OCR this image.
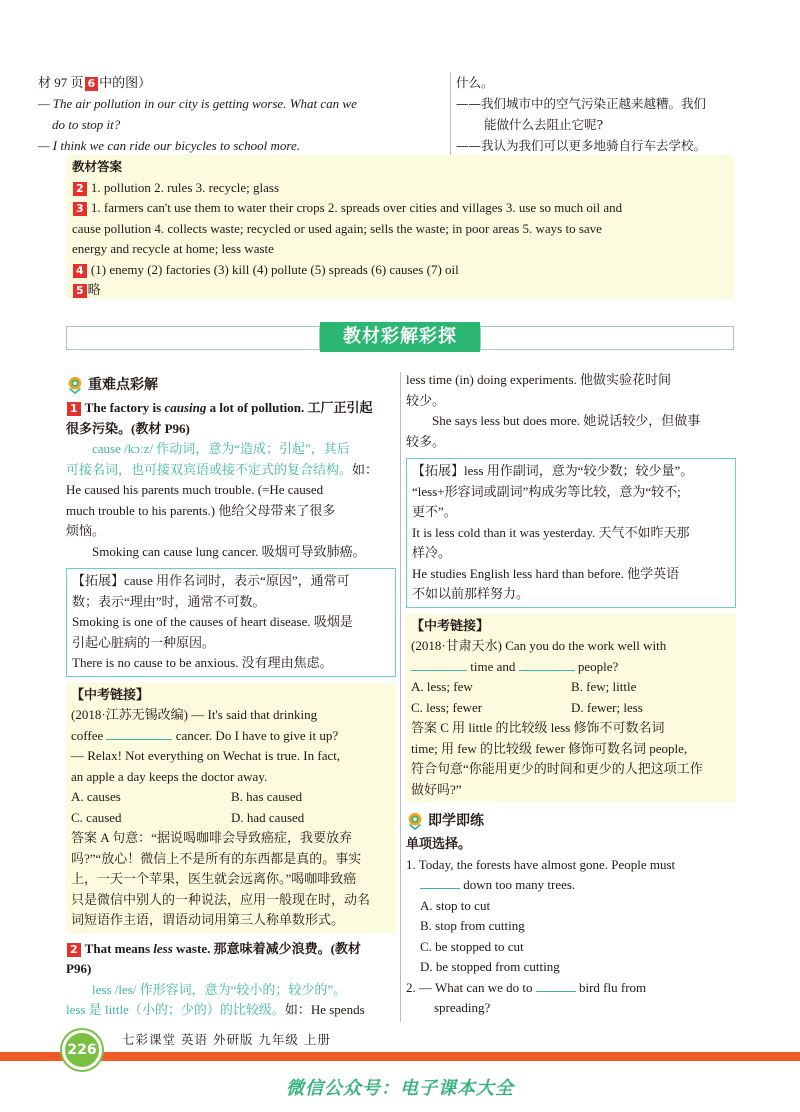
材 97 页 6 中的图）
— The air pollution in our city is getting worse. What can we
do to stop it?
— I think we can ride our bicycles to school more.
什么。
——我们城市中的空气污染正越来越糟。我们
能做什么去阻止它呢?
——我认为我们可以更多地骑自行车去学校。
教材答案
2 1. pollution 2. rules 3. recycle; glass
3 1. farmers can't use them to water their crops 2. spreads over cities and villages 3. use so much oil and
cause pollution 4. collects waste; recycled or used again; sells the waste; in poor areas 5. ways to save
energy and recycle at home; less waste
4 (1) enemy (2) factories (3) kill (4) pollute (5) spreads (6) causes (7) oil
5 略
教材彩解彩探
重难点彩解
1 The factory is causing a lot of pollution. 工厂正引起
很多污染。(教材 P96)
cause /kɔːz/ 作动词，意为“造成；引起”，其后
可接名词，也可接双宾语或接不定式的复合结构。如：
He caused his parents much trouble. (=He caused
much trouble to his parents.) 他给父母带来了很多
烦恼。
Smoking can cause lung cancer. 吸烟可导致肺癌。
【拓展】cause 用作名词时，表示“原因”，通常可
数；表示“理由”时，通常不可数。
Smoking is one of the causes of heart disease. 吸烟是
引起心脏病的一种原因。
There is no cause to be anxious. 没有理由焦虑。
【中考链接】
(2018·江苏无锡改编) — It's said that drinking
coffee	cancer. Do I have to give it up?
— Relax! Not everything on Wechat is true. In fact,
an apple a day keeps the doctor away.
A. causes	B. has caused
C. caused	D. had caused
答案 A 句意：“据说喝咖啡会导致癌症，我要放弃
吗?”“放心！微信上不是所有的东西都是真的。事实
上，一天一个苹果，医生就会远离你。”喝咖啡致癌
只是微信中别人的一种说法，应用一般现在时，动名
词短语作主语，谓语动词用第三人称单数形式。
2 That means less waste. 那意味着减少浪费。(教材
P96)
less /les/ 作形容词，意为“较小的；较少的”。
less 是 little（小的；少的）的比较级。如：He spends
less time (in) doing experiments. 他做实验花时间
较少。
She says less but does more. 她说话较少，但做事
较多。
【拓展】less 用作副词，意为“较少数；较少量”。
“less+形容词或副词”构成劣等比较，意为“较不;
更不”。
It is less cold than it was yesterday. 天气不如昨天那
样冷。
He studies English less hard than before. 他学英语
不如以前那样努力。
【中考链接】
(2018·甘肃天水) Can you do the work well with
time and	people?
A. less; few	B. few; little
C. less; fewer	D. fewer; less
答案 C 用 little 的比较级 less 修饰不可数名词
time; 用 few 的比较级 fewer 修饰可数名词 people,
符合句意“你能用更少的时间和更少的人把这项工作
做好吗?”
即学即练
单项选择。
1. Today, the forests have almost gone. People must
down too many trees.
A. stop to cut
B. stop from cutting
C. be stopped to cut
D. be stopped from cutting
2. — What can we do to	bird flu from
spreading?
226
七彩课堂 英语 外研版 九年级 上册
微信公众号：电子课本大全
